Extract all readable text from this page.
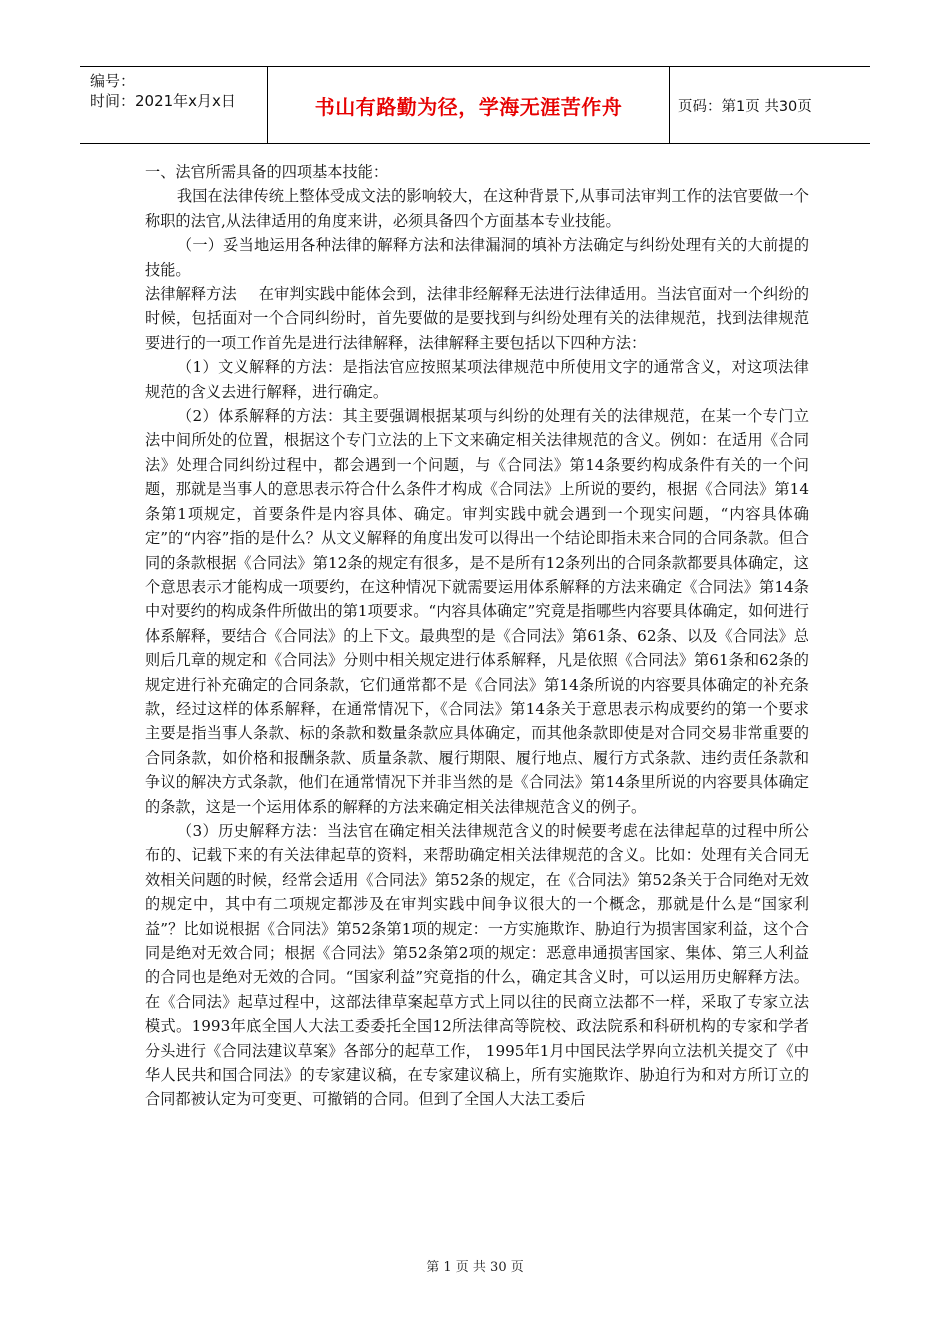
编号：
时间：2021年x月x日	书山有路勤为径，学海无涯苦作舟	页码：第1页 共30页

一、法官所需具备的四项基本技能：

我国在法律传统上整体受成文法的影响较大，在这种背景下,从事司法审判工作的法官要做一个称职的法官,从法律适用的角度来讲，必须具备四个方面基本专业技能。

（一）妥当地运用各种法律的解释方法和法律漏洞的填补方法确定与纠纷处理有关的大前提的技能。

法律解释方法 在审判实践中能体会到，法律非经解释无法进行法律适用。当法官面对一个纠纷的时候，包括面对一个合同纠纷时，首先要做的是要找到与纠纷处理有关的法律规范，找到法律规范要进行的一项工作首先是进行法律解释，法律解释主要包括以下四种方法：

（1）文义解释的方法：是指法官应按照某项法律规范中所使用文字的通常含义，对这项法律规范的含义去进行解释，进行确定。

（2）体系解释的方法：其主要强调根据某项与纠纷的处理有关的法律规范，在某一个专门立法中间所处的位置，根据这个专门立法的上下文来确定相关法律规范的含义。例如：在适用《合同法》处理合同纠纷过程中，都会遇到一个问题，与《合同法》第14条要约构成条件有关的一个问题，那就是当事人的意思表示符合什么条件才构成《合同法》上所说的要约，根据《合同法》第14条第1项规定，首要条件是内容具体、确定。审判实践中就会遇到一个现实问题，“内容具体确定”的“内容”指的是什么？从文义解释的角度出发可以得出一个结论即指未来合同的合同条款。但合同的条款根据《合同法》第12条的规定有很多，是不是所有12条列出的合同条款都要具体确定，这个意思表示才能构成一项要约，在这种情况下就需要运用体系解释的方法来确定《合同法》第14条中对要约的构成条件所做出的第1项要求。“内容具体确定”究竟是指哪些内容要具体确定，如何进行体系解释，要结合《合同法》的上下文。最典型的是《合同法》第61条、62条、以及《合同法》总则后几章的规定和《合同法》分则中相关规定进行体系解释，凡是依照《合同法》第61条和62条的规定进行补充确定的合同条款，它们通常都不是《合同法》第14条所说的内容要具体确定的补充条款，经过这样的体系解释，在通常情况下，《合同法》第14条关于意思表示构成要约的第一个要求主要是指当事人条款、标的条款和数量条款应具体确定，而其他条款即使是对合同交易非常重要的合同条款，如价格和报酬条款、质量条款、履行期限、履行地点、履行方式条款、违约责任条款和争议的解决方式条款，他们在通常情况下并非当然的是《合同法》第14条里所说的内容要具体确定的条款，这是一个运用体系的解释的方法来确定相关法律规范含义的例子。

（3）历史解释方法：当法官在确定相关法律规范含义的时候要考虑在法律起草的过程中所公布的、记载下来的有关法律起草的资料，来帮助确定相关法律规范的含义。比如：处理有关合同无效相关问题的时候，经常会适用《合同法》第52条的规定，在《合同法》第52条关于合同绝对无效的规定中，其中有二项规定都涉及在审判实践中间争议很大的一个概念，那就是什么是“国家利益”？比如说根据《合同法》第52条第1项的规定：一方实施欺诈、胁迫行为损害国家利益，这个合同是绝对无效合同；根据《合同法》第52条第2项的规定：恶意串通损害国家、集体、第三人利益的合同也是绝对无效的合同。“国家利益”究竟指的什么，确定其含义时，可以运用历史解释方法。在《合同法》起草过程中，这部法律草案起草方式上同以往的民商立法都不一样，采取了专家立法模式。1993年底全国人大法工委委托全国12所法律高等院校、政法院系和科研机构的专家和学者分头进行《合同法建议草案》各部分的起草工作， 1995年1月中国民法学界向立法机关提交了《中华人民共和国合同法》的专家建议稿，在专家建议稿上，所有实施欺诈、胁迫行为和对方所订立的合同都被认定为可变更、可撤销的合同。但到了全国人大法工委后

第 1 页 共 30 页
